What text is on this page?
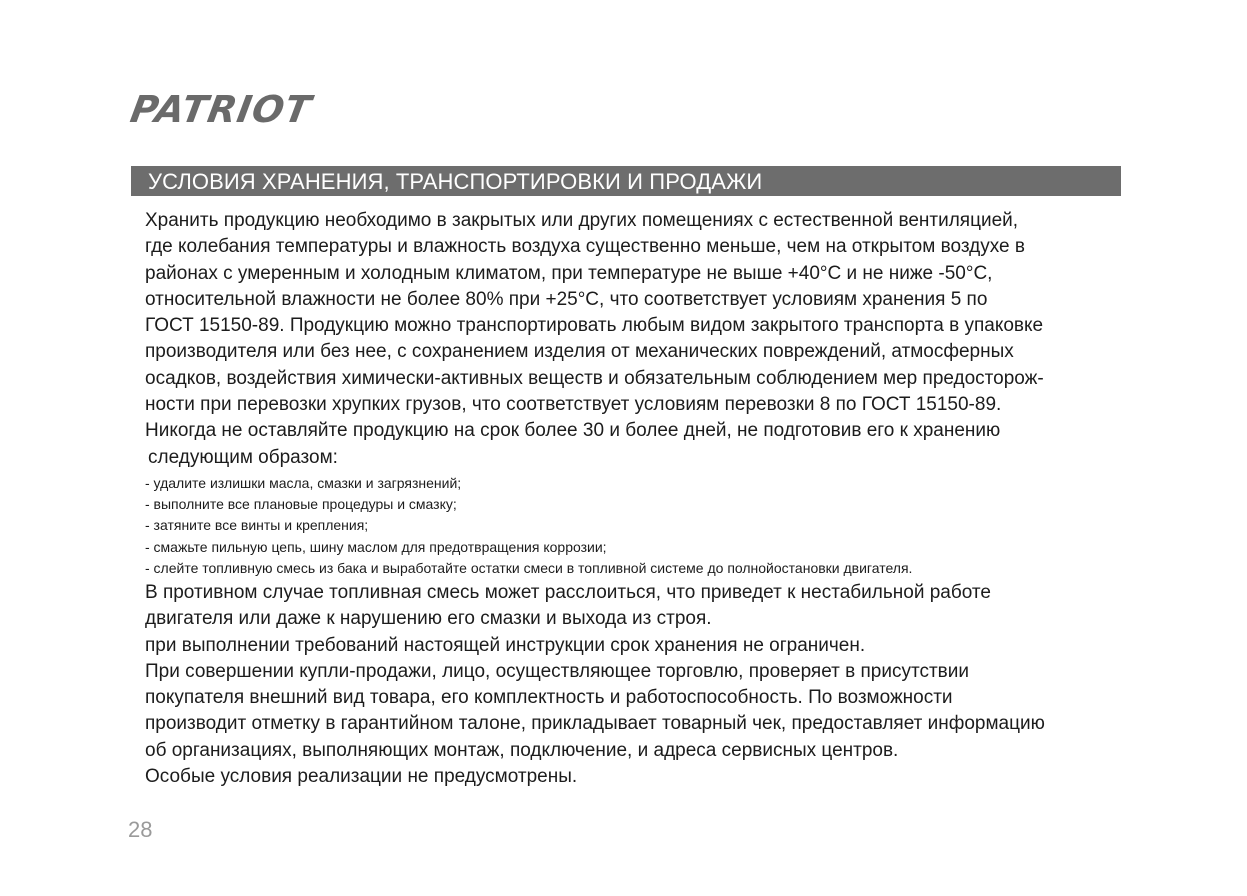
PATRIOT
УСЛОВИЯ ХРАНЕНИЯ, ТРАНСПОРТИРОВКИ И ПРОДАЖИ
Хранить продукцию необходимо в закрытых или других помещениях с естественной вентиляцией,
где колебания температуры и влажность воздуха существенно меньше, чем на открытом воздухе в
районах с умеренным и холодным климатом, при температуре не выше +40°С и не ниже -50°С,
относительной влажности не более 80% при +25°С, что соответствует условиям хранения 5 по
ГОСТ 15150-89. Продукцию можно транспортировать любым видом закрытого транспорта в упаковке
производителя или без нее, с сохранением изделия от механических повреждений, атмосферных
осадков, воздействия химически-активных веществ и обязательным соблюдением мер предосторож-
ности при перевозки хрупких грузов, что соответствует условиям перевозки 8 по ГОСТ 15150-89.
Никогда не оставляйте продукцию на срок более 30 и более дней, не подготовив его к хранению
следующим образом:
- удалите излишки масла, смазки и загрязнений;
- выполните все плановые процедуры и смазку;
- затяните все винты и крепления;
- смажьте пильную цепь, шину маслом для предотвращения коррозии;
- слейте топливную смесь из бака и выработайте остатки смеси в топливной системе до полнойостановки двигателя.
В противном случае топливная смесь может расслоиться, что приведет к нестабильной работе
двигателя или даже к нарушению его смазки и выхода из строя.
при выполнении требований настоящей инструкции срок хранения не ограничен.
При совершении купли-продажи, лицо, осуществляющее торговлю, проверяет в присутствии
покупателя внешний вид товара, его комплектность и работоспособность. По возможности
производит отметку в гарантийном талоне, прикладывает товарный чек, предоставляет информацию
об организациях, выполняющих монтаж, подключение, и адреса сервисных центров.
Особые условия реализации не предусмотрены.
28
